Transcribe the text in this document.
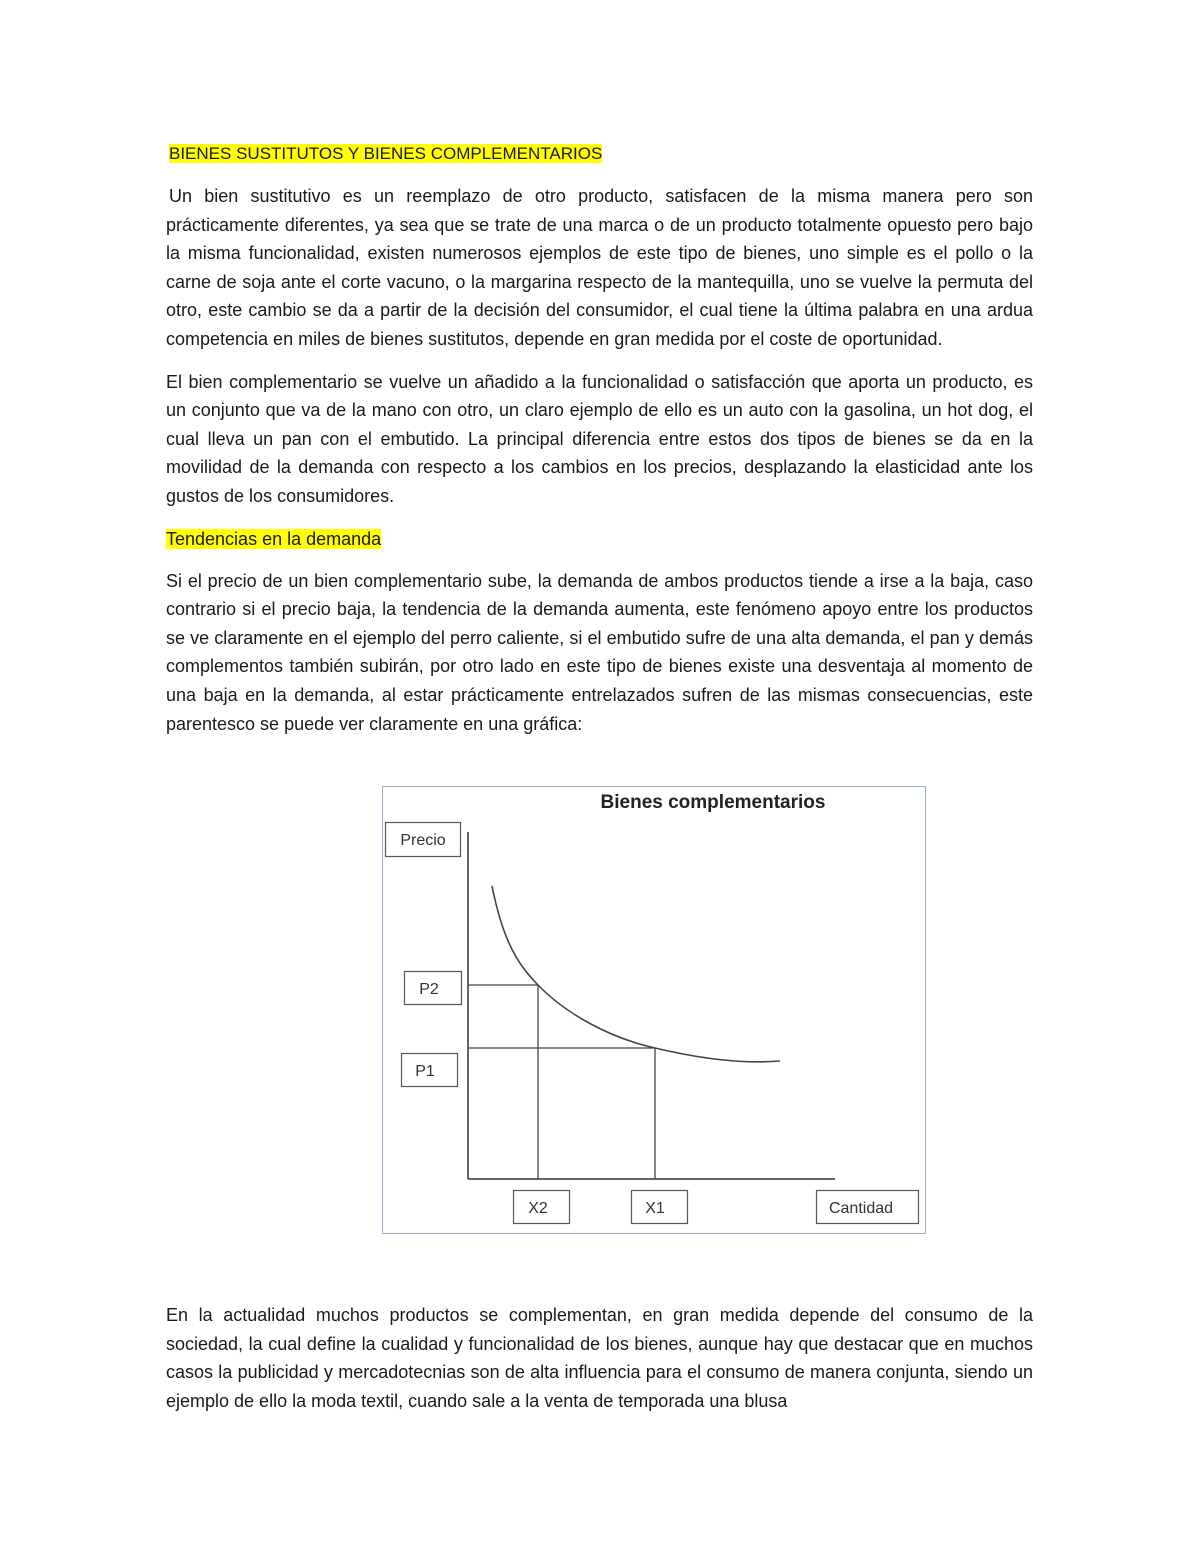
BIENES SUSTITUTOS Y BIENES COMPLEMENTARIOS

Un bien sustitutivo es un reemplazo de otro producto, satisfacen de la misma manera pero son prácticamente diferentes, ya sea que se trate de una marca o de un producto totalmente opuesto pero bajo la misma funcionalidad, existen numerosos ejemplos de este tipo de bienes, uno simple es el pollo o la carne de soja ante el corte vacuno, o la margarina respecto de la mantequilla, uno se vuelve la permuta del otro, este cambio se da a partir de la decisión del consumidor, el cual tiene la última palabra en una ardua competencia en miles de bienes sustitutos, depende en gran medida por el coste de oportunidad.

El bien complementario se vuelve un añadido a la funcionalidad o satisfacción que aporta un producto, es un conjunto que va de la mano con otro, un claro ejemplo de ello es un auto con la gasolina, un hot dog, el cual lleva un pan con el embutido. La principal diferencia entre estos dos tipos de bienes se da en la movilidad de la demanda con respecto a los cambios en los precios, desplazando la elasticidad ante los gustos de los consumidores.

Tendencias en la demanda

Si el precio de un bien complementario sube, la demanda de ambos productos tiende a irse a la baja, caso contrario si el precio baja, la tendencia de la demanda aumenta, este fenómeno apoyo entre los productos se ve claramente en el ejemplo del perro caliente, si el embutido sufre de una alta demanda, el pan y demás complementos también subirán, por otro lado en este tipo de bienes existe una desventaja al momento de una baja en la demanda, al estar prácticamente entrelazados sufren de las mismas consecuencias, este parentesco se puede ver claramente en una gráfica:

Bienes complementarios
Precio
P2
P1
X2	X1	Cantidad

En la actualidad muchos productos se complementan, en gran medida depende del consumo de la sociedad, la cual define la cualidad y funcionalidad de los bienes, aunque hay que destacar que en muchos casos la publicidad y mercadotecnias son de alta influencia para el consumo de manera conjunta, siendo un ejemplo de ello la moda textil, cuando sale a la venta de temporada una blusa
